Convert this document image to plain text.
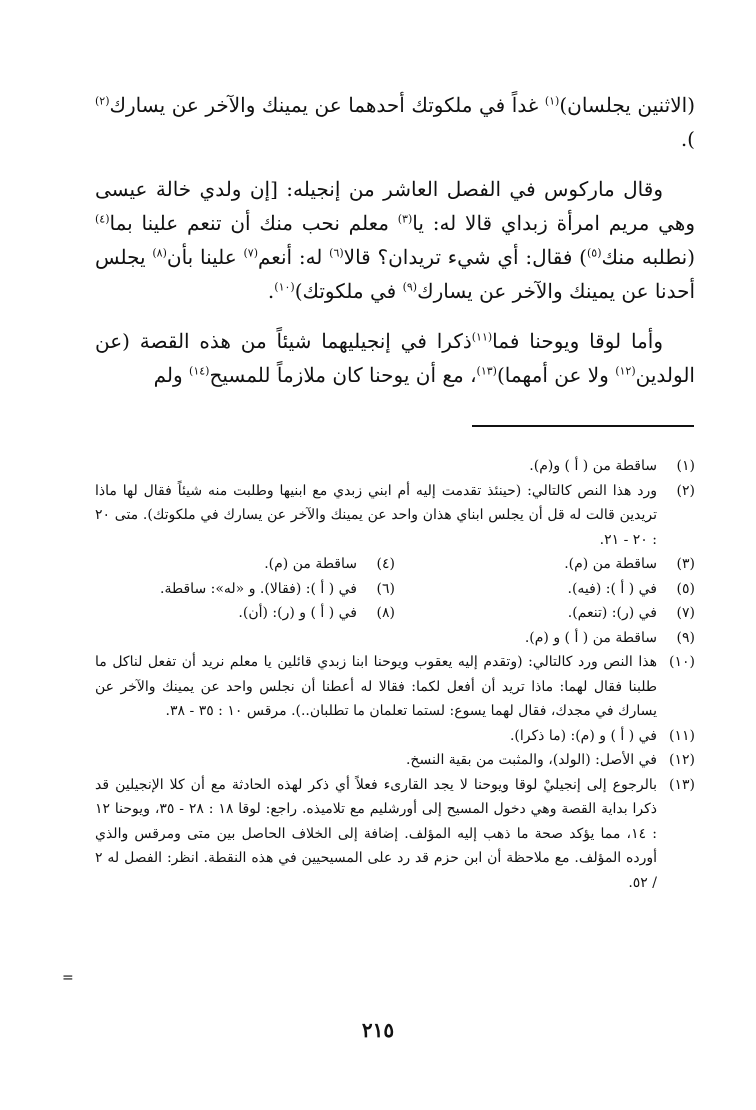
(الاثنين يجلسان)$^{(١)}$ غداً في ملكوتك أحدهما عن يمينك والآخر عن يسارك$^{(٢)}$ ).

وقال ماركوس في الفصل العاشر من إنجيله: [إن ولدي خالة عيسى وهي مريم امرأة زبداي قالا له: يا$^{(٣)}$ معلم نحب منك أن تنعم علينا بما$^{(٤)}$ (نطلبه منك$^{(٥)}$) فقال: أي شيء تريدان؟ قالا$^{(٦)}$ له: أنعم$^{(٧)}$ علينا بأن$^{(٨)}$ يجلس أحدنا عن يمينك والآخر عن يسارك$^{(٩)}$ في ملكوتك)$^{(١٠)}$.

وأما لوقا ويوحنا فما$^{(١١)}$ذكرا في إنجيليهما شيئاً من هذه القصة (عن الولدين$^{(١٢)}$ ولا عن أمهما)$^{(١٣)}$، مع أن يوحنا كان ملازماً للمسيح$^{(١٤)}$ ولم

(١)
ساقطة من ( أ ) و(م).
(٢)
ورد هذا النص كالتالي: (حينئذ تقدمت إليه أم ابني زبدي مع ابنيها وطلبت منه شيئاً فقال لها ماذا تريدين قالت له قل أن يجلس ابناي هذان واحد عن يمينك والآخر عن يسارك في ملكوتك). متى ٢٠ : ٢٠ - ٢١.
(٣)
ساقطة من (م).
(٤)
ساقطة من (م).
(٥)
في ( أ ): (فيه).
(٦)
في ( أ ): (فقالا). و «له»: ساقطة.
(٧)
في (ر): (تنعم).
(٨)
في ( أ ) و (ر): (أن).
(٩)
ساقطة من ( أ ) و (م).
(١٠)
هذا النص ورد كالتالي: (وتقدم إليه يعقوب ويوحنا ابنا زبدي قائلين يا معلم نريد أن تفعل لناكل ما طلبنا فقال لهما: ماذا تريد أن أفعل لكما: فقالا له أعطنا أن نجلس واحد عن يمينك والآخر عن يسارك في مجدك، فقال لهما يسوع: لستما تعلمان ما تطلبان..). مرقس ١٠ : ٣٥ - ٣٨.
(١١)
في ( أ ) و (م): (ما ذكرا).
(١٢)
في الأصل: (الولد)، والمثبت من بقية النسخ.
(١٣)
بالرجوع إلى إنجيليْ لوقا ويوحنا لا يجد القارىء فعلاً أي ذكر لهذه الحادثة مع أن كلا الإنجيلين قد ذكرا بداية القصة وهي دخول المسيح إلى أورشليم مع تلاميذه. راجع: لوقا ١٨ : ٢٨ - ٣٥، ويوحنا ١٢ : ١٤، مما يؤكد صحة ما ذهب إليه المؤلف. إضافة إلى الخلاف الحاصل بين متى ومرقس والذي أورده المؤلف. مع ملاحظة أن ابن حزم قد رد على المسيحيين في هذه النقطة. انظر: الفصل له ٢ / ٥٢.
=
٢١٥
